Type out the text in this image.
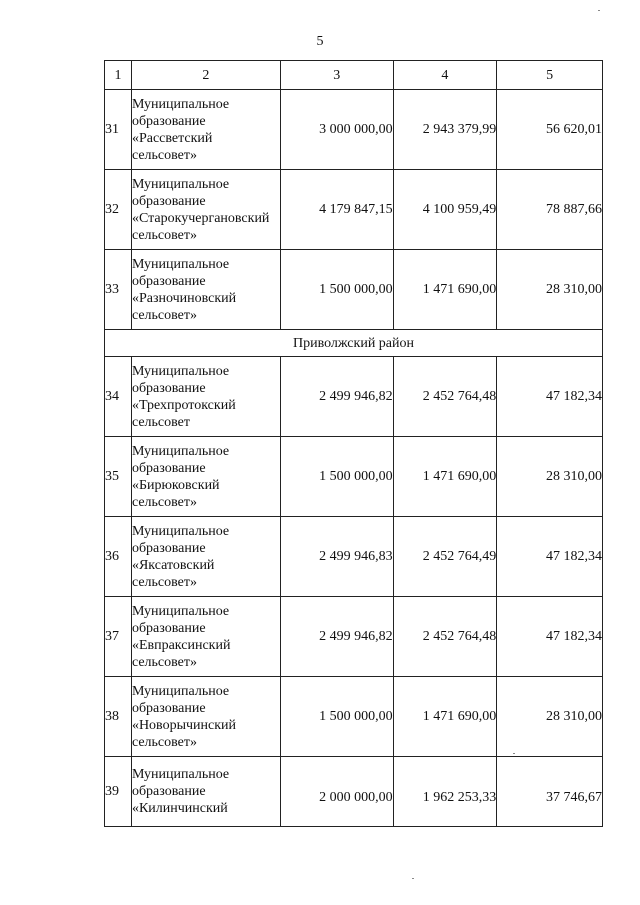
5
1	2	3	4	5
31	Муниципальное
образование
«Рассветский
сельсовет»	3 000 000,00	2 943 379,99	56 620,01
32	Муниципальное
образование
«Старокучергановский
сельсовет»	4 179 847,15	4 100 959,49	78 887,66
33	Муниципальное
образование
«Разночиновский
сельсовет»	1 500 000,00	1 471 690,00	28 310,00
Приволжский район				
34	Муниципальное
образование
«Трехпротокский
сельсовет	2 499 946,82	2 452 764,48	47 182,34
35	Муниципальное
образование
«Бирюковский
сельсовет»	1 500 000,00	1 471 690,00	28 310,00
36	Муниципальное
образование
«Яксатовский
сельсовет»	2 499 946,83	2 452 764,49	47 182,34
37	Муниципальное
образование
«Евпраксинский
сельсовет»	2 499 946,82	2 452 764,48	47 182,34
38	Муниципальное
образование
«Новорычинский
сельсовет»	1 500 000,00	1 471 690,00	28 310,00
39	Муниципальное
образование
«Килинчинский	2 000 000,00	1 962 253,33	37 746,67
